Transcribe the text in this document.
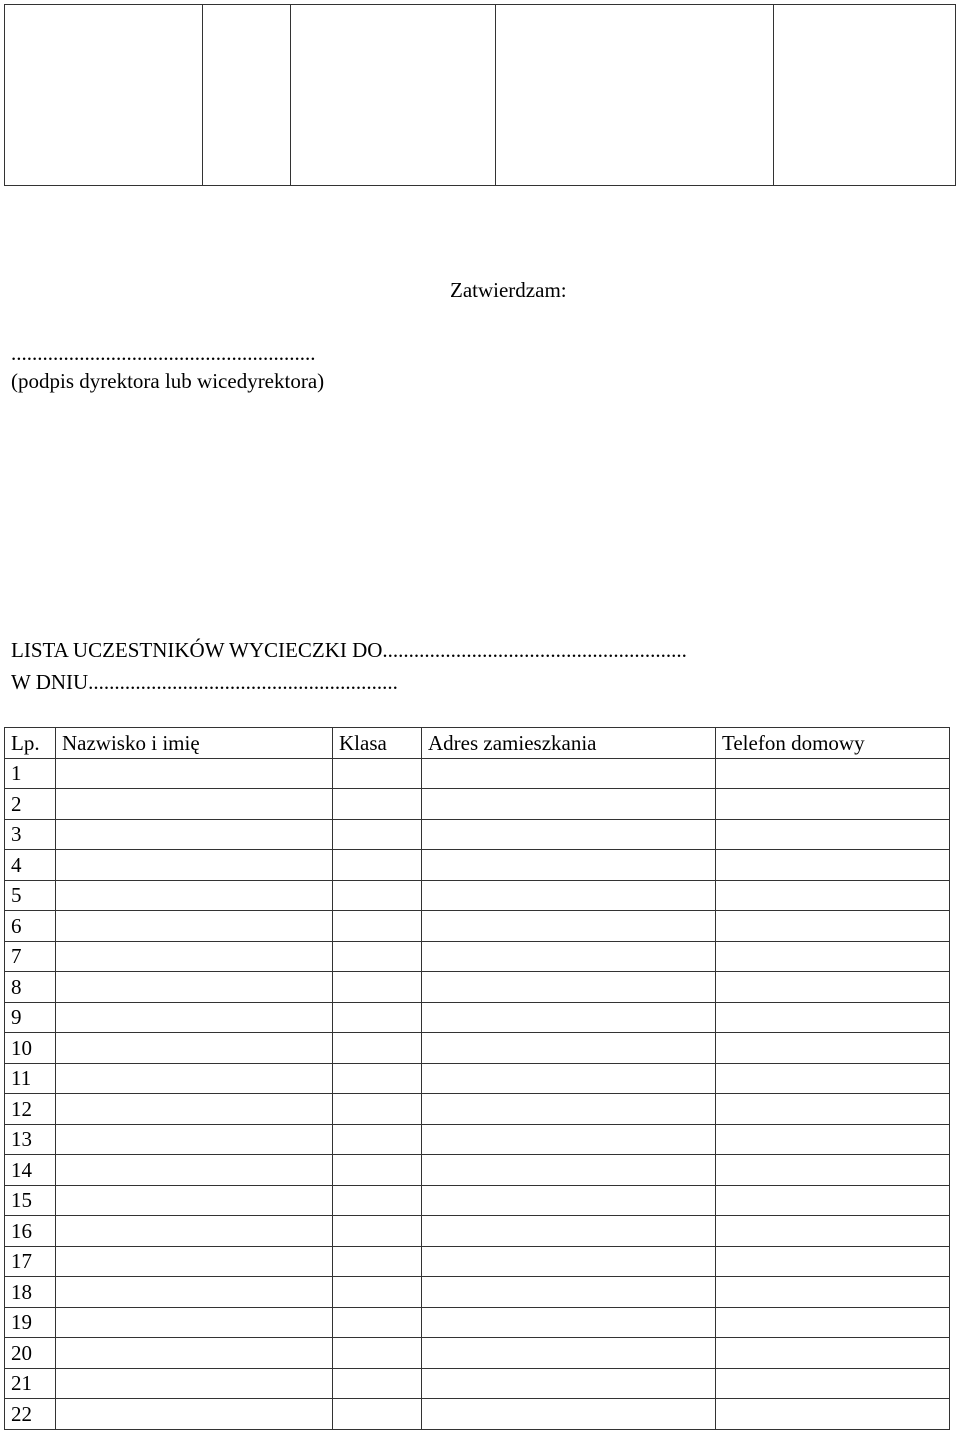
Zatwierdzam:
..........................................................
(podpis dyrektora lub wicedyrektora)
LISTA UCZESTNIKÓW WYCIECZKI DO..........................................................
W DNIU...........................................................
Lp.	Nazwisko i imię	Klasa	Adres zamieszkania	Telefon domowy
1				
2				
3				
4				
5				
6				
7				
8				
9				
10				
11				
12				
13				
14				
15				
16				
17				
18				
19				
20				
21				
22				
